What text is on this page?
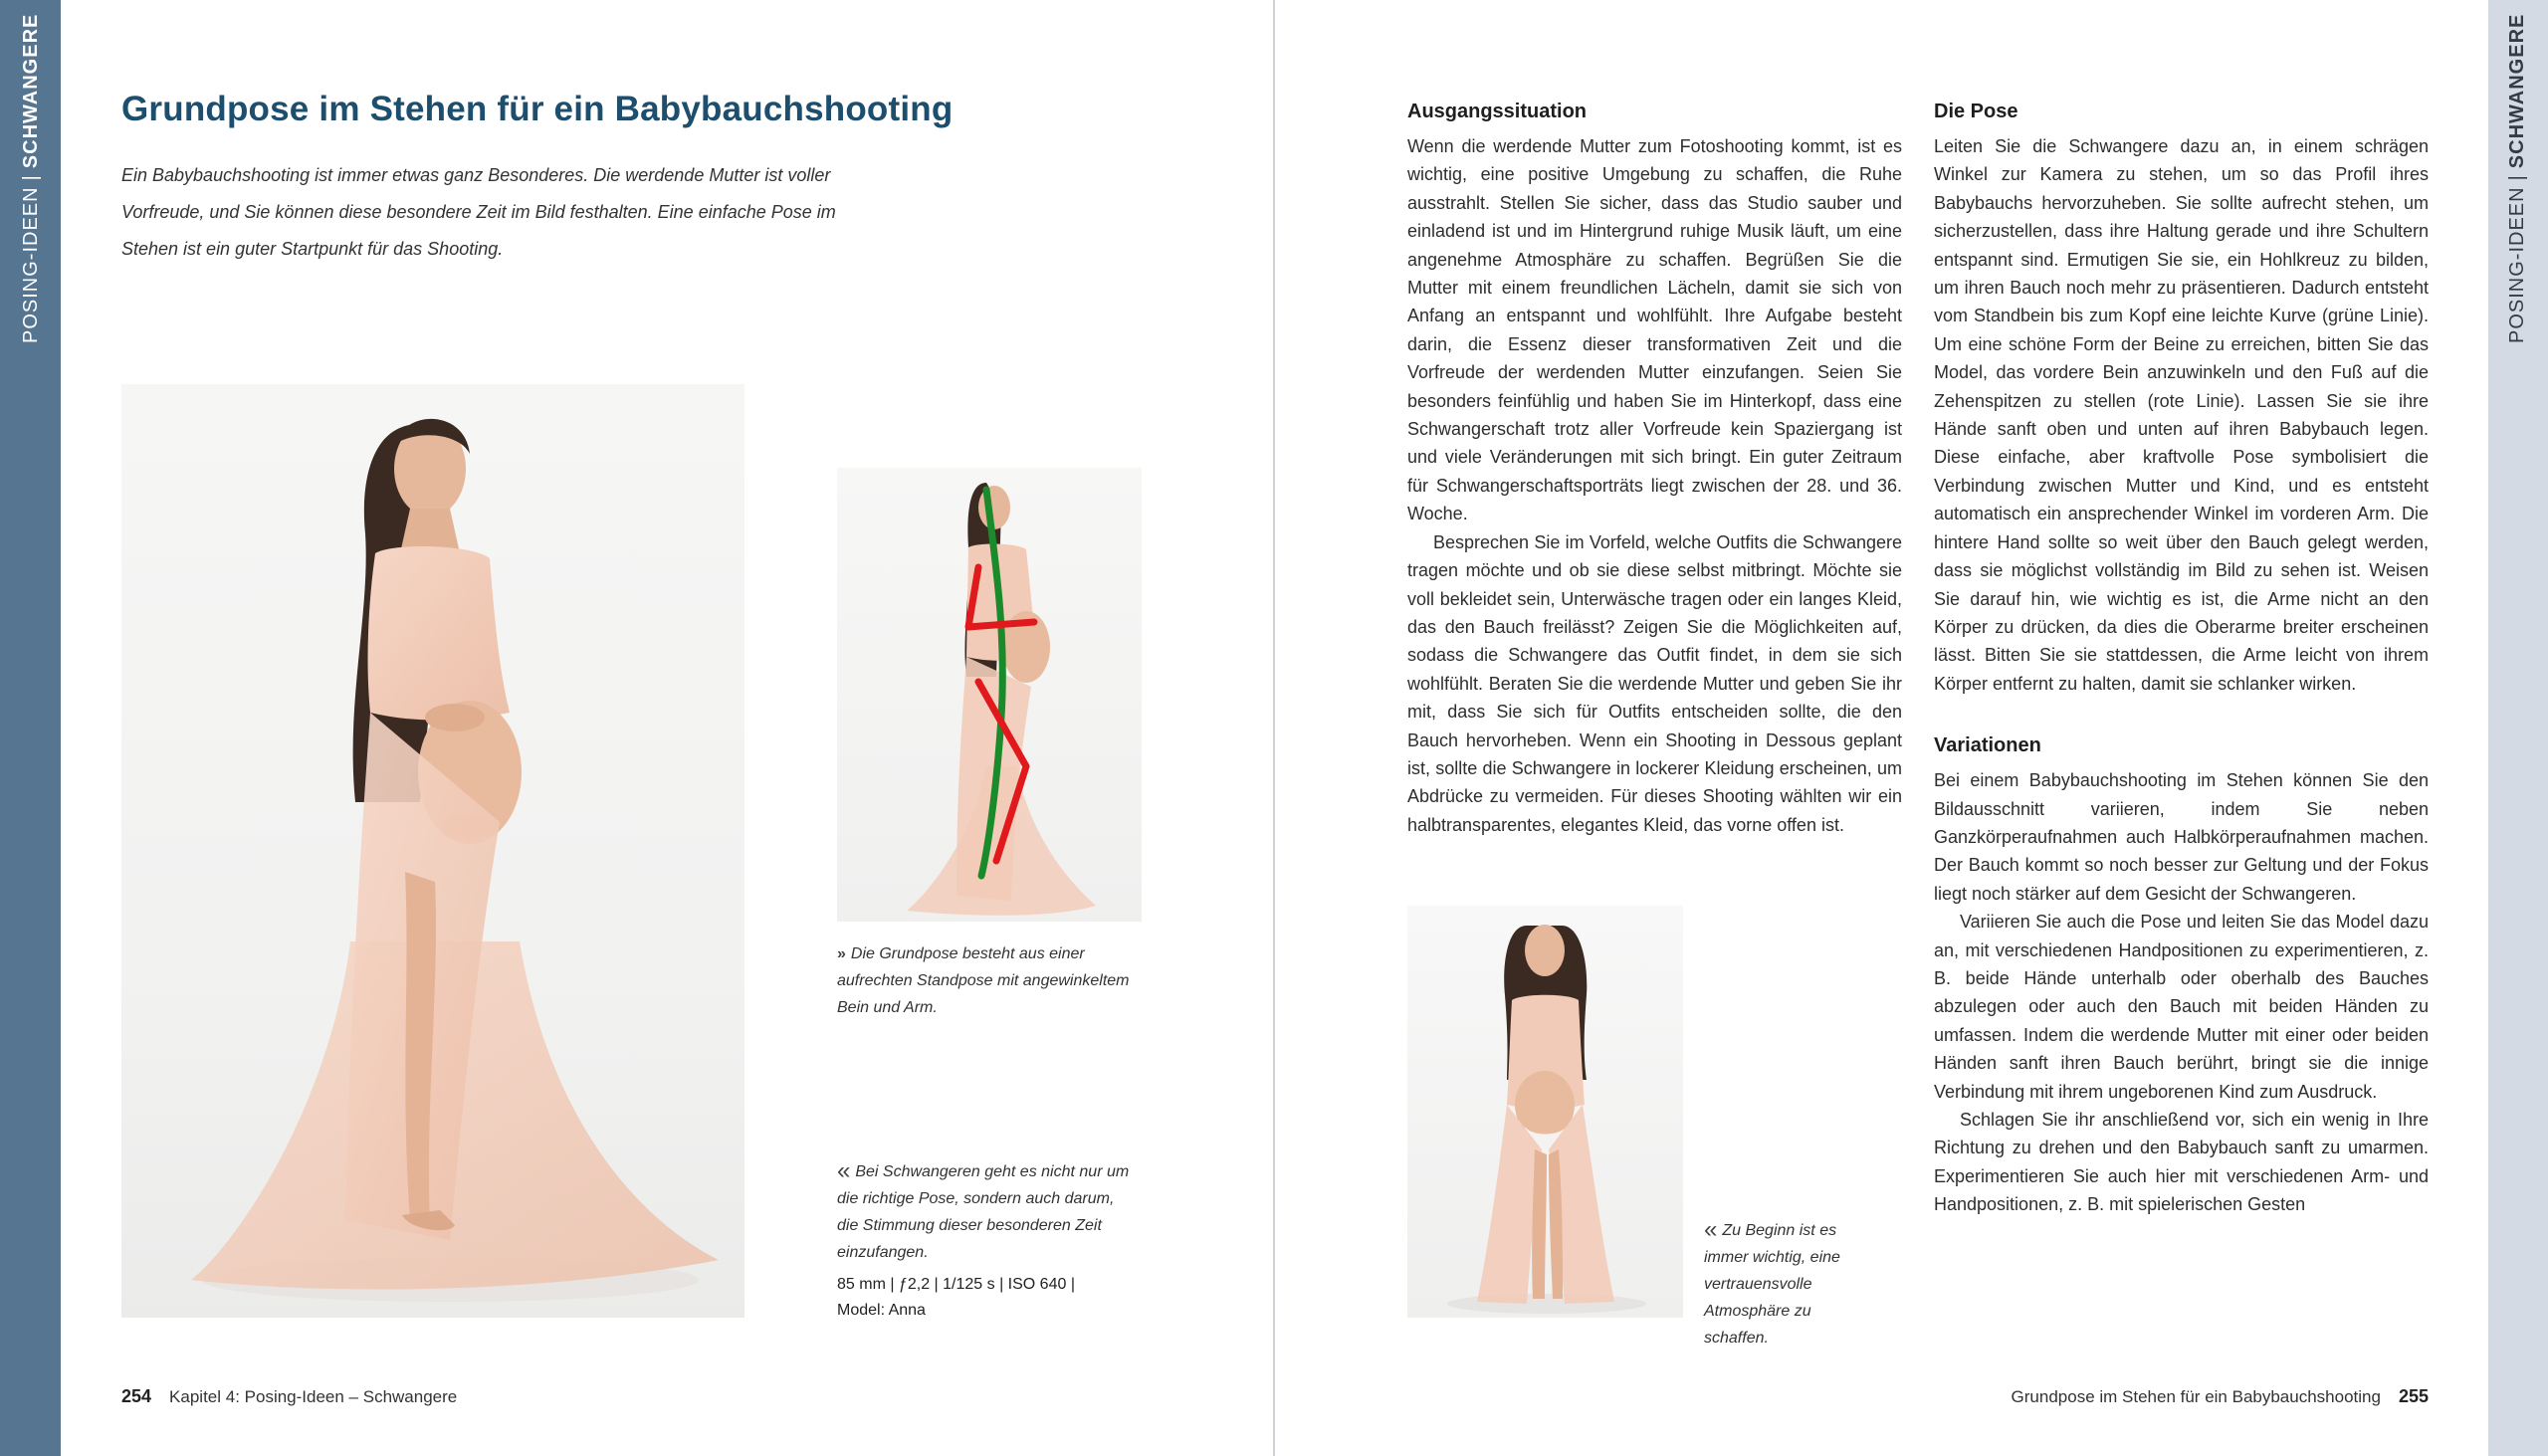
POSING-IDEEN|SCHWANGERE Grundpose im Stehen für ein Babybauchshooting

Ein Babybauchshooting ist immer etwas ganz Besonderes. Die werdende Mutter ist voller Vorfreude, und Sie können diese besondere Zeit im Bild festhalten. Eine einfache Pose im Stehen ist ein guter Startpunkt für das Shooting.

» Die Grundpose besteht aus einer aufrechten Standpose mit angewinkeltem Bein und Arm.

« Bei Schwangeren geht es nicht nur um die richtige Pose, sondern auch darum, die Stimmung dieser besonderen Zeit einzufangen.

85 mm | ƒ2,2 | 1/125 s | ISO 640 |
Model: Anna
254 Kapitel 4: Posing-Ideen – Schwangere
POSING-IDEEN|SCHWANGERE
Ausgangssituation

Wenn die werdende Mutter zum Fotoshooting kommt, ist es wichtig, eine positive Umgebung zu schaffen, die Ruhe ausstrahlt. Stellen Sie sicher, dass das Studio sauber und einladend ist und im Hintergrund ruhige Musik läuft, um eine angenehme Atmosphäre zu schaffen. Begrüßen Sie die Mutter mit einem freundlichen Lächeln, damit sie sich von Anfang an entspannt und wohlfühlt. Ihre Aufgabe besteht darin, die Essenz dieser transformativen Zeit und die Vorfreude der werdenden Mutter einzufangen. Seien Sie besonders feinfühlig und haben Sie im Hinterkopf, dass eine Schwangerschaft trotz aller Vorfreude kein Spaziergang ist und viele Veränderungen mit sich bringt. Ein guter Zeitraum für Schwangerschaftsporträts liegt zwischen der 28. und 36. Woche.

Besprechen Sie im Vorfeld, welche Outfits die Schwangere tragen möchte und ob sie diese selbst mitbringt. Möchte sie voll bekleidet sein, Unterwäsche tragen oder ein langes Kleid, das den Bauch freilässt? Zeigen Sie die Möglichkeiten auf, sodass die Schwangere das Outfit findet, in dem sie sich wohlfühlt. Beraten Sie die werdende Mutter und geben Sie ihr mit, dass Sie sich für Outfits entscheiden sollte, die den Bauch hervorheben. Wenn ein Shooting in Dessous geplant ist, sollte die Schwangere in lockerer Kleidung erscheinen, um Abdrücke zu vermeiden. Für dieses Shooting wählten wir ein halbtransparentes, elegantes Kleid, das vorne offen ist.

« Zu Beginn ist es immer wichtig, eine vertrauensvolle Atmosphäre zu schaffen.

Die Pose

Leiten Sie die Schwangere dazu an, in einem schrägen Winkel zur Kamera zu stehen, um so das Profil ihres Babybauchs hervorzuheben. Sie sollte aufrecht stehen, um sicherzustellen, dass ihre Haltung gerade und ihre Schultern entspannt sind. Ermutigen Sie sie, ein Hohlkreuz zu bilden, um ihren Bauch noch mehr zu präsentieren. Dadurch entsteht vom Standbein bis zum Kopf eine leichte Kurve (grüne Linie). Um eine schöne Form der Beine zu erreichen, bitten Sie das Model, das vordere Bein anzuwinkeln und den Fuß auf die Zehenspitzen zu stellen (rote Linie). Lassen Sie sie ihre Hände sanft oben und unten auf ihren Babybauch legen. Diese einfache, aber kraftvolle Pose symbolisiert die Verbindung zwischen Mutter und Kind, und es entsteht automatisch ein ansprechender Winkel im vorderen Arm. Die hintere Hand sollte so weit über den Bauch gelegt werden, dass sie möglichst vollständig im Bild zu sehen ist. Weisen Sie darauf hin, wie wichtig es ist, die Arme nicht an den Körper zu drücken, da dies die Oberarme breiter erscheinen lässt. Bitten Sie sie stattdessen, die Arme leicht von ihrem Körper entfernt zu halten, damit sie schlanker wirken.

Variationen

Bei einem Babybauchshooting im Stehen können Sie den Bildausschnitt variieren, indem Sie neben Ganzkörperaufnahmen auch Halbkörperaufnahmen machen. Der Bauch kommt so noch besser zur Geltung und der Fokus liegt noch stärker auf dem Gesicht der Schwangeren.

Variieren Sie auch die Pose und leiten Sie das Model dazu an, mit verschiedenen Handpositionen zu experimentieren, z. B. beide Hände unterhalb oder oberhalb des Bauches abzulegen oder auch den Bauch mit beiden Händen zu umfassen. Indem die werdende Mutter mit einer oder beiden Händen sanft ihren Bauch berührt, bringt sie die innige Verbindung mit ihrem ungeborenen Kind zum Ausdruck.

Schlagen Sie ihr anschließend vor, sich ein wenig in Ihre Richtung zu drehen und den Babybauch sanft zu umarmen. Experimentieren Sie auch hier mit verschiedenen Arm- und Handpositionen, z. B. mit spielerischen Gesten

Grundpose im Stehen für ein Babybauchshooting 255
